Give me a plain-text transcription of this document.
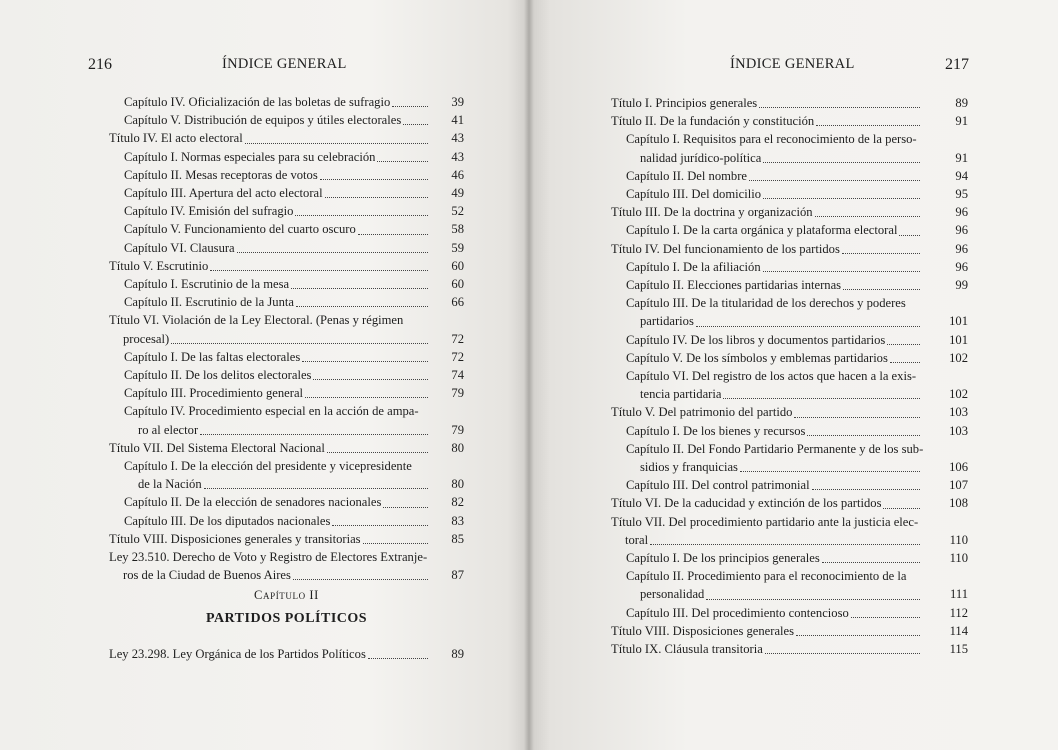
216	ÍNDICE GENERAL
Capítulo IV. Oficialización de las boletas de sufragio	39
Capítulo V. Distribución de equipos y útiles electorales	41
Título IV. El acto electoral	43
Capítulo I. Normas especiales para su celebración	43
Capítulo II. Mesas receptoras de votos	46
Capítulo III. Apertura del acto electoral	49
Capítulo IV. Emisión del sufragio	52
Capítulo V. Funcionamiento del cuarto oscuro	58
Capítulo VI. Clausura	59
Título V. Escrutinio	60
Capítulo I. Escrutinio de la mesa	60
Capítulo II. Escrutinio de la Junta	66
Título VI. Violación de la Ley Electoral. (Penas y régimen
procesal)	72
Capítulo I. De las faltas electorales	72
Capítulo II. De los delitos electorales	74
Capítulo III. Procedimiento general	79
Capítulo IV. Procedimiento especial en la acción de ampa-
ro al elector	79
Título VII. Del Sistema Electoral Nacional	80
Capítulo I. De la elección del presidente y vicepresidente
de la Nación	80
Capítulo II. De la elección de senadores nacionales	82
Capítulo III. De los diputados nacionales	83
Título VIII. Disposiciones generales y transitorias	85
Ley 23.510. Derecho de Voto y Registro de Electores Extranje-
ros de la Ciudad de Buenos Aires	87
Capítulo II
PARTIDOS POLÍTICOS
Ley 23.298. Ley Orgánica de los Partidos Políticos	89
ÍNDICE GENERAL	217
Título I. Principios generales	89
Título II. De la fundación y constitución	91
Capítulo I. Requisitos para el reconocimiento de la perso-
nalidad jurídico-política	91
Capítulo II. Del nombre	94
Capítulo III. Del domicilio	95
Título III. De la doctrina y organización	96
Capítulo I. De la carta orgánica y plataforma electoral	96
Título IV. Del funcionamiento de los partidos	96
Capítulo I. De la afiliación	96
Capítulo II. Elecciones partidarias internas	99
Capítulo III. De la titularidad de los derechos y poderes
partidarios	101
Capítulo IV. De los libros y documentos partidarios	101
Capítulo V. De los símbolos y emblemas partidarios	102
Capítulo VI. Del registro de los actos que hacen a la exis-
tencia partidaria	102
Título V. Del patrimonio del partido	103
Capítulo I. De los bienes y recursos	103
Capítulo II. Del Fondo Partidario Permanente y de los sub-
sidios y franquicias	106
Capítulo III. Del control patrimonial	107
Título VI. De la caducidad y extinción de los partidos	108
Título VII. Del procedimiento partidario ante la justicia elec-
toral	110
Capítulo I. De los principios generales	110
Capítulo II. Procedimiento para el reconocimiento de la
personalidad	111
Capítulo III. Del procedimiento contencioso	112
Título VIII. Disposiciones generales	114
Título IX. Cláusula transitoria	115
